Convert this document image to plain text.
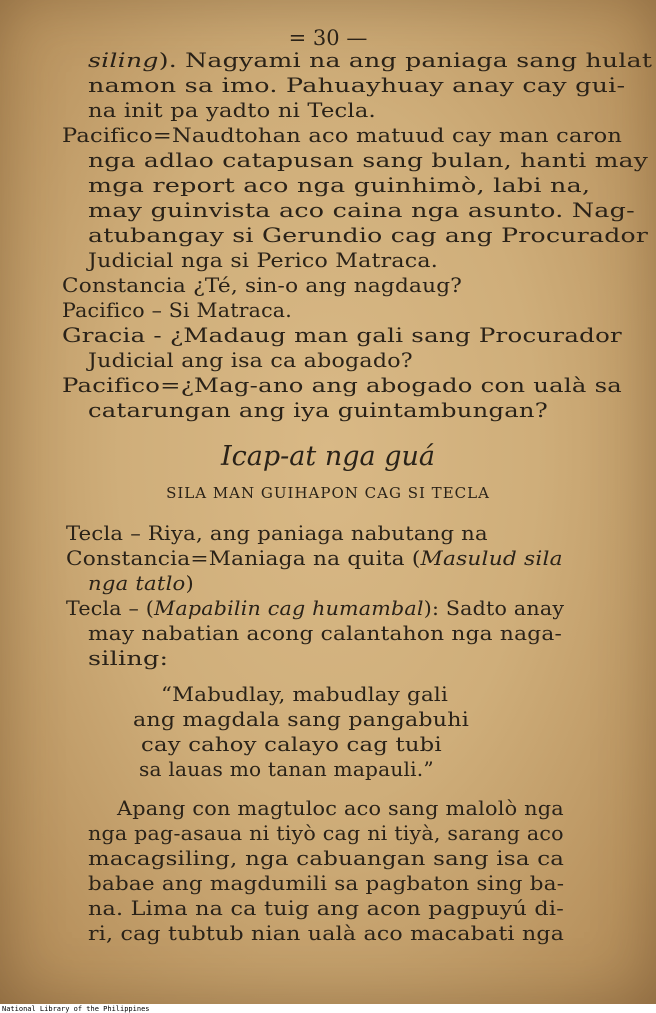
= 30 —
siling). Nagyami na ang paniaga sang hulat
namon sa imo. Pahuayhuay anay cay gui-
na init pa yadto ni Tecla.
Pacifico=Naudtohan aco matuud cay man caron
nga adlao catapusan sang bulan, hanti may
mga report aco nga guinhimò, labi na,
may guinvista aco caina nga asunto. Nag-
atubangay si Gerundio cag ang Procurador
Judicial nga si Perico Matraca.
Constancia ¿Té, sin-o ang nagdaug?
Pacifico – Si Matraca.
Gracia - ¿Madaug man gali sang Procurador
Judicial ang isa ca abogado?
Pacifico=¿Mag-ano ang abogado con ualà sa
catarungan ang iya guintambungan?
Icap-at nga guá
SILA MAN GUIHAPON CAG SI TECLA
Tecla – Riya, ang paniaga nabutang na
Constancia=Maniaga na quita (Masulud sila
nga tatlo)
Tecla – (Mapabilin cag humambal): Sadto anay
may nabatian acong calantahon nga naga-
siling:
“Mabudlay, mabudlay gali
ang magdala sang pangabuhi
cay cahoy calayo cag tubi
sa lauas mo tanan mapauli.”
Apang con magtuloc aco sang malolò nga
nga pag-asaua ni tiyò cag ni tiyà, sarang aco
macagsiling, nga cabuangan sang isa ca
babae ang magdumili sa pagbaton sing ba-
na. Lima na ca tuig ang acon pagpuyú di-
ri, cag tubtub nian ualà aco macabati nga
National Library of the Philippines
